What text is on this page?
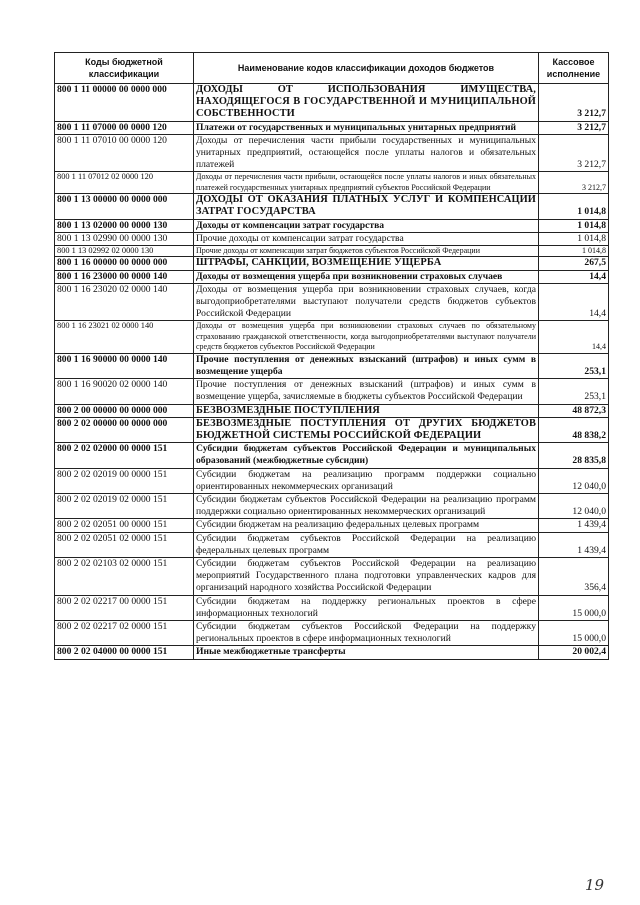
Коды бюджетной классификации	Наименование кодов классификации доходов бюджетов	Кассовое исполнение
800 1 11 00000 00 0000 000	ДОХОДЫ ОТ ИСПОЛЬЗОВАНИЯ ИМУЩЕСТВА, НАХОДЯЩЕГОСЯ В ГОСУДАРСТВЕННОЙ И МУНИЦИПАЛЬНОЙ СОБСТВЕННОСТИ	3 212,7
800 1 11 07000 00 0000 120	Платежи от государственных и муниципальных унитарных предприятий	3 212,7
800 1 11 07010 00 0000 120	Доходы от перечисления части прибыли государственных и муниципальных унитарных предприятий, остающейся после уплаты налогов и обязательных платежей	3 212,7
800 1 11 07012 02 0000 120	Доходы от перечисления части прибыли, остающейся после уплаты налогов и иных обязательных платежей государственных унитарных предприятий субъектов Российской Федерации	3 212,7
800 1 13 00000 00 0000 000	ДОХОДЫ ОТ ОКАЗАНИЯ ПЛАТНЫХ УСЛУГ И КОМПЕНСАЦИИ ЗАТРАТ ГОСУДАРСТВА	1 014,8
800 1 13 02000 00 0000 130	Доходы от компенсации затрат государства	1 014,8
800 1 13 02990 00 0000 130	Прочие доходы от компенсации затрат государства	1 014,8
800 1 13 02992 02 0000 130	Прочие доходы от компенсации затрат бюджетов субъектов Российской Федерации	1 014,8
800 1 16 00000 00 0000 000	ШТРАФЫ, САНКЦИИ, ВОЗМЕЩЕНИЕ УЩЕРБА	267,5
800 1 16 23000 00 0000 140	Доходы от возмещения ущерба при возникновении страховых случаев	14,4
800 1 16 23020 02 0000 140	Доходы от возмещения ущерба при возникновении страховых случаев, когда выгодоприобретателями выступают получатели средств бюджетов субъектов Российской Федерации	14,4
800 1 16 23021 02 0000 140	Доходы от возмещения ущерба при возникновении страховых случаев по обязательному страхованию гражданской ответственности, когда выгодоприобретателями выступают получатели средств бюджетов субъектов Российской Федерации	14,4
800 1 16 90000 00 0000 140	Прочие поступления от денежных взысканий (штрафов) и иных сумм в возмещение ущерба	253,1
800 1 16 90020 02 0000 140	Прочие поступления от денежных взысканий (штрафов) и иных сумм в возмещение ущерба, зачисляемые в бюджеты субъектов Российской Федерации	253,1
800 2 00 00000 00 0000 000	БЕЗВОЗМЕЗДНЫЕ ПОСТУПЛЕНИЯ	48 872,3
800 2 02 00000 00 0000 000	БЕЗВОЗМЕЗДНЫЕ ПОСТУПЛЕНИЯ ОТ ДРУГИХ БЮДЖЕТОВ БЮДЖЕТНОЙ СИСТЕМЫ РОССИЙСКОЙ ФЕДЕРАЦИИ	48 838,2
800 2 02 02000 00 0000 151	Субсидии бюджетам субъектов Российской Федерации и муниципальных образований (межбюджетные субсидии)	28 835,8
800 2 02 02019 00 0000 151	Субсидии бюджетам на реализацию программ поддержки социально ориентированных некоммерческих организаций	12 040,0
800 2 02 02019 02 0000 151	Субсидии бюджетам субъектов Российской Федерации на реализацию программ поддержки социально ориентированных некоммерческих организаций	12 040,0
800 2 02 02051 00 0000 151	Субсидии бюджетам на реализацию федеральных целевых программ	1 439,4
800 2 02 02051 02 0000 151	Субсидии бюджетам субъектов Российской Федерации на реализацию федеральных целевых программ	1 439,4
800 2 02 02103 02 0000 151	Субсидии бюджетам субъектов Российской Федерации на реализацию мероприятий Государственного плана подготовки управленческих кадров для организаций народного хозяйства Российской Федерации	356,4
800 2 02 02217 00 0000 151	Субсидии бюджетам на поддержку региональных проектов в сфере информационных технологий	15 000,0
800 2 02 02217 02 0000 151	Субсидии бюджетам субъектов Российской Федерации на поддержку региональных проектов в сфере информационных технологий	15 000,0
800 2 02 04000 00 0000 151	Иные межбюджетные трансферты	20 002,4
19
